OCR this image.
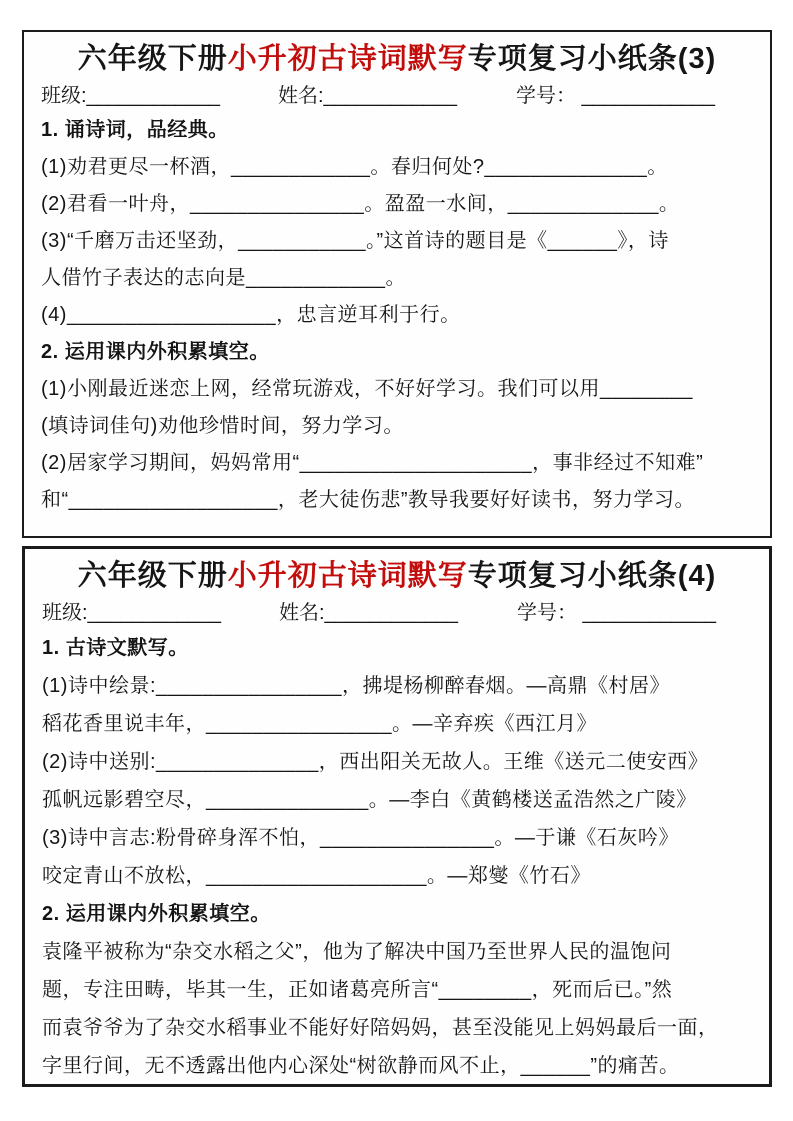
六年级下册小升初古诗词默写专项复习小纸条(3)
班级:____________	姓名:____________	学号： ____________
1. 诵诗词，品经典。
(1)劝君更尽一杯酒，____________。春归何处?______________。
(2)君看一叶舟，_______________。盈盈一水间，_____________。
(3)“千磨万击还坚劲，___________。”这首诗的题目是《______》，诗
人借竹子表达的志向是____________。
(4)__________________，忠言逆耳利于行。
2. 运用课内外积累填空。
(1)小刚最近迷恋上网，经常玩游戏，不好好学习。我们可以用________
(填诗词佳句)劝他珍惜时间，努力学习。
(2)居家学习期间，妈妈常用“____________________，事非经过不知难”
和“__________________，老大徒伤悲”教导我要好好读书，努力学习。
六年级下册小升初古诗词默写专项复习小纸条(4)
班级:____________	姓名:____________	学号： ____________
1. 古诗文默写。
(1)诗中绘景:________________，拂堤杨柳醉春烟。—高鼎《村居》
稻花香里说丰年，________________。—辛弃疾《西江月》
(2)诗中送别:______________，西出阳关无故人。王维《送元二使安西》
孤帆远影碧空尽，______________。—李白《黄鹤楼送孟浩然之广陵》
(3)诗中言志:粉骨碎身浑不怕，_______________。—于谦《石灰吟》
咬定青山不放松，___________________。—郑燮《竹石》
2. 运用课内外积累填空。
袁隆平被称为“杂交水稻之父”，他为了解决中国乃至世界人民的温饱问
题，专注田畴，毕其一生，正如诸葛亮所言“________，死而后已。”然
而袁爷爷为了杂交水稻事业不能好好陪妈妈，甚至没能见上妈妈最后一面，
字里行间，无不透露出他内心深处“树欲静而风不止，______”的痛苦。
